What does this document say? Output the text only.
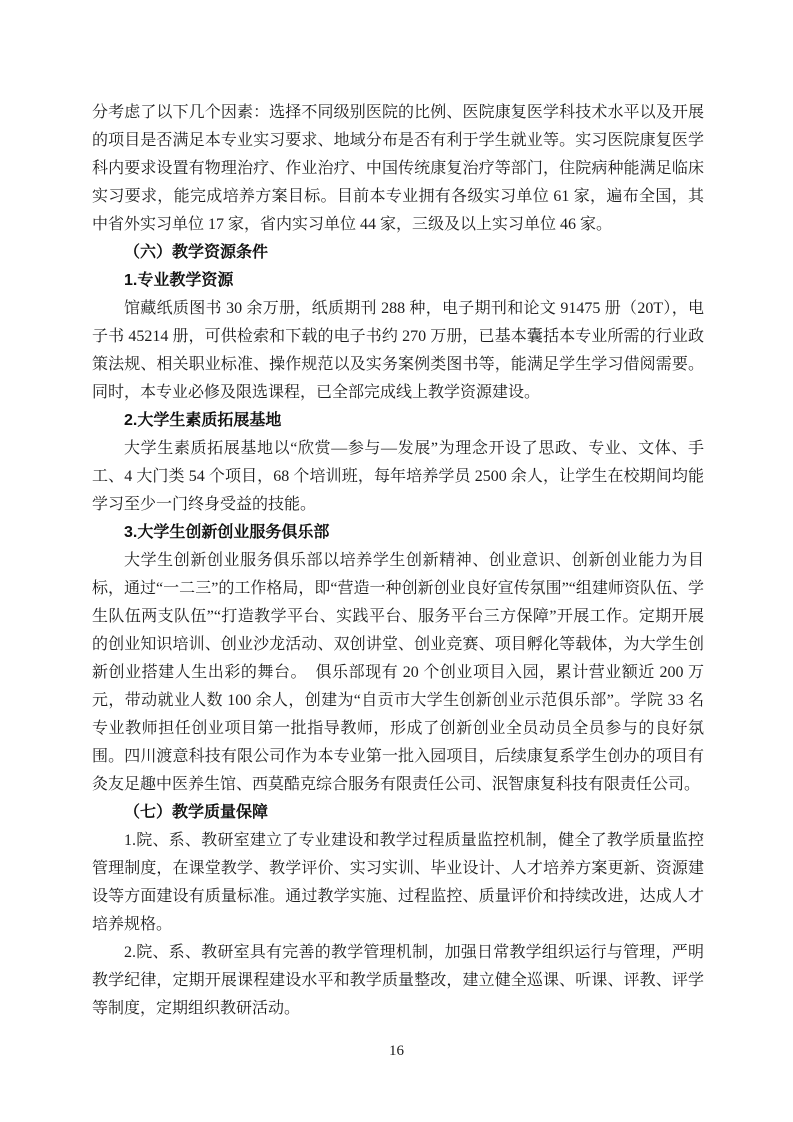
分考虑了以下几个因素：选择不同级别医院的比例、医院康复医学科技术水平以及开展的项目是否满足本专业实习要求、地域分布是否有利于学生就业等。实习医院康复医学科内要求设置有物理治疗、作业治疗、中国传统康复治疗等部门，住院病种能满足临床实习要求，能完成培养方案目标。目前本专业拥有各级实习单位 61 家，遍布全国，其中省外实习单位 17 家，省内实习单位 44 家，三级及以上实习单位 46 家。

（六）教学资源条件

1.专业教学资源

馆藏纸质图书 30 余万册，纸质期刊 288 种，电子期刊和论文 91475 册（20T），电子书 45214 册，可供检索和下载的电子书约 270 万册，已基本囊括本专业所需的行业政策法规、相关职业标准、操作规范以及实务案例类图书等，能满足学生学习借阅需要。同时，本专业必修及限选课程，已全部完成线上教学资源建设。

2.大学生素质拓展基地

大学生素质拓展基地以“欣赏—参与—发展”为理念开设了思政、专业、文体、手工、4 大门类 54 个项目，68 个培训班，每年培养学员 2500 余人，让学生在校期间均能学习至少一门终身受益的技能。

3.大学生创新创业服务俱乐部

大学生创新创业服务俱乐部以培养学生创新精神、创业意识、创新创业能力为目标，通过“一二三”的工作格局，即“营造一种创新创业良好宣传氛围”“组建师资队伍、学生队伍两支队伍”“打造教学平台、实践平台、服务平台三方保障”开展工作。定期开展的创业知识培训、创业沙龙活动、双创讲堂、创业竞赛、项目孵化等载体，为大学生创新创业搭建人生出彩的舞台。　俱乐部现有 20 个创业项目入园，累计营业额近 200 万元，带动就业人数 100 余人，创建为“自贡市大学生创新创业示范俱乐部”。学院 33 名专业教师担任创业项目第一批指导教师，形成了创新创业全员动员全员参与的良好氛围。四川渡意科技有限公司作为本专业第一批入园项目，后续康复系学生创办的项目有灸友足趣中医养生馆、西莫酷克综合服务有限责任公司、泯智康复科技有限责任公司。

（七）教学质量保障

1.院、系、教研室建立了专业建设和教学过程质量监控机制，健全了教学质量监控管理制度，在课堂教学、教学评价、实习实训、毕业设计、人才培养方案更新、资源建设等方面建设有质量标准。通过教学实施、过程监控、质量评价和持续改进，达成人才培养规格。

2.院、系、教研室具有完善的教学管理机制，加强日常教学组织运行与管理，严明教学纪律，定期开展课程建设水平和教学质量整改，建立健全巡课、听课、评教、评学等制度，定期组织教研活动。

16
